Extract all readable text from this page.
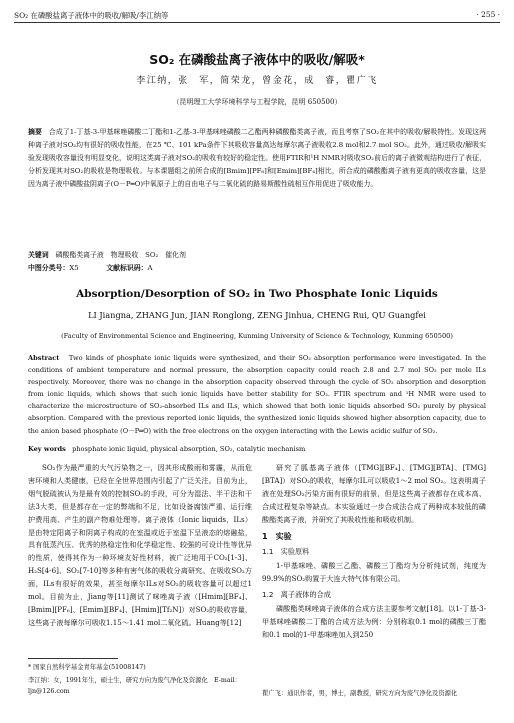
SO₂ 在磷酸盐离子液体中的吸收/解吸/李江纳等	· 255 ·
SO₂ 在磷酸盐离子液体中的吸收/解吸*
李江纳，张　军，简荣龙，曾金花，成　睿，瞿广飞
（昆明理工大学环境科学与工程学院，昆明 650500）
摘要　 合成了1-丁基-3-甲基咪唑磷酸二丁酯和1-乙基-3-甲基咪唑磷酸二乙酯两种磷酸酯类离子液，而且考察了SO₂在其中的吸收/解吸特性。发现这两种离子液对SO₂均有很好的吸收性能，在25 ℃、101 kPa条件下其吸收容量高达每摩尔离子液吸收2.8 mol和2.7 mol SO₂。此外，通过吸收/解吸实验发现吸收容量没有明显变化，说明这类离子液对SO₂的吸收有较好的稳定性。使用FTIR和¹H NMR对吸收SO₂前后的离子液微观结构进行了表征，分析发现其对SO₂的吸收是物理吸收。与本课题组之前所合成的[Bmim][PF₆]和[Emim][BF₄]相比，所合成的磷酸酯离子液有更高的吸收容量，这是因为离子液中磷酸盐阴离子(O－P═O)中氧原子上的自由电子与二氧化硫的路易斯酸性硫相互作用促进了吸收能力。
关键词　 磷酸酯类离子液　物理吸收　SO₂　催化剂
中图分类号：X5　　　　	文献标识码：A
Absorption/Desorption of SO₂ in Two Phosphate Ionic Liquids
LI Jiangna, ZHANG Jun, JIAN Ronglong, ZENG Jinhua, CHENG Rui, QU Guangfei
(Faculty of Environmental Science and Engineering, Kunming University of Science & Technology, Kunming 650500)
Abstract Two kinds of phosphate ionic liquids were synthesized, and their SO₂ absorption performance were investigated. In the conditions of ambient temperature and normal pressure, the absorption capacity could reach 2.8 and 2.7 mol SO₂ per mole ILs respectively. Moreover, there was no change in the absorption capacity observed through the cycle of SO₂ absorption and desorption from ionic liquids, which shows that such ionic liquids have better stability for SO₂. FTIR spectrum and ¹H NMR were used to characterize the microstructure of SO₂-absorbed ILs and ILs, which showed that both ionic liquids absorbed SO₂ purely by physical absorption. Compared with the previous reported ionic liquids, the synthesized ionic liquids showed higher absorption capacity, due to the anion based phosphate (O－P═O) with the free electrons on the oxygen interacting with the Lewis acidic sulfur of SO₂.
Key words phosphate ionic liquid, physical absorption, SO₂, catalytic mechanism

SO₂作为最严重的大气污染物之一，因其形成酸雨和雾霾，从而危害环境和人类健康，已经在全世界范围内引起了广泛关注。目前为止，烟气脱硫被认为是最有效的控制SO₂的手段，可分为湿法、半干法和干法3大类，但是都存在一定的弊端和不足，比如设备腐蚀严重、运行维护费用高、产生的副产物难处理等。离子液体（Ionic liquids，ILs）是由特定阳离子和阴离子构成的在室温或近于室温下呈液态的熔融盐，具有低蒸汽压、优秀的热稳定性和化学稳定性、较强的可设计性等优异的性质，使得其作为一种环境友好性材料，被广泛地用于CO₂[1-3]、H₂S[4-6]、SO₂[7-10]等多种有害气体的吸收分离研究。在吸收SO₂方面，ILs有很好的效果，甚至每摩尔ILs对SO₂的吸收容量可以超过1 mol。目前为止，Jiang等[11]测试了咪唑离子液（[Hmim][BF₄]、[Bmim][PF₆]、[Emim][BF₄]、[Hmim][Tf₂N]）对SO₂的吸收容量，这些离子液每摩尔可吸收1.15～1.41 mol二氧化硫。Huang等[12]

研究了胍基离子液体（[TMG][BF₄]、[TMG][BTA]、[TMG][BTA]）对SO₂的吸收，每摩尔IL可以吸收1～2 mol SO₂。这表明离子液在处理SO₂污染方面有很好的前景，但是这些离子液都存在成本高、合成过程复杂等缺点。本实验通过一步合成法合成了两种成本较低的磷酸酯类离子液，并研究了其吸收性能和吸收机制。

1　实验
1.1　实验原料

1-甲基咪唑、磷酸三乙酯、磷酸三丁酯均为分析纯试剂，纯度为99.9%的SO₂购置于大连大特气体有限公司。

1.2　离子液体的合成

磷酸酯类咪唑离子液体的合成方法主要参考文献[18]。以1-丁基-3-甲基咪唑磷酸二丁酯的合成方法为例：分别称取0.1 mol的磷酸三丁酯和0.1 mol的1-甲基咪唑加入到250

* 国家自然科学基金青年基金(51008147)
李江纳：女，1991年生，硕士生，研究方向为废气净化及资源化　E-mail：ljn@126.com	瞿广飞：通讯作者，男，博士，副教授，研究方向为废气净化及资源化
